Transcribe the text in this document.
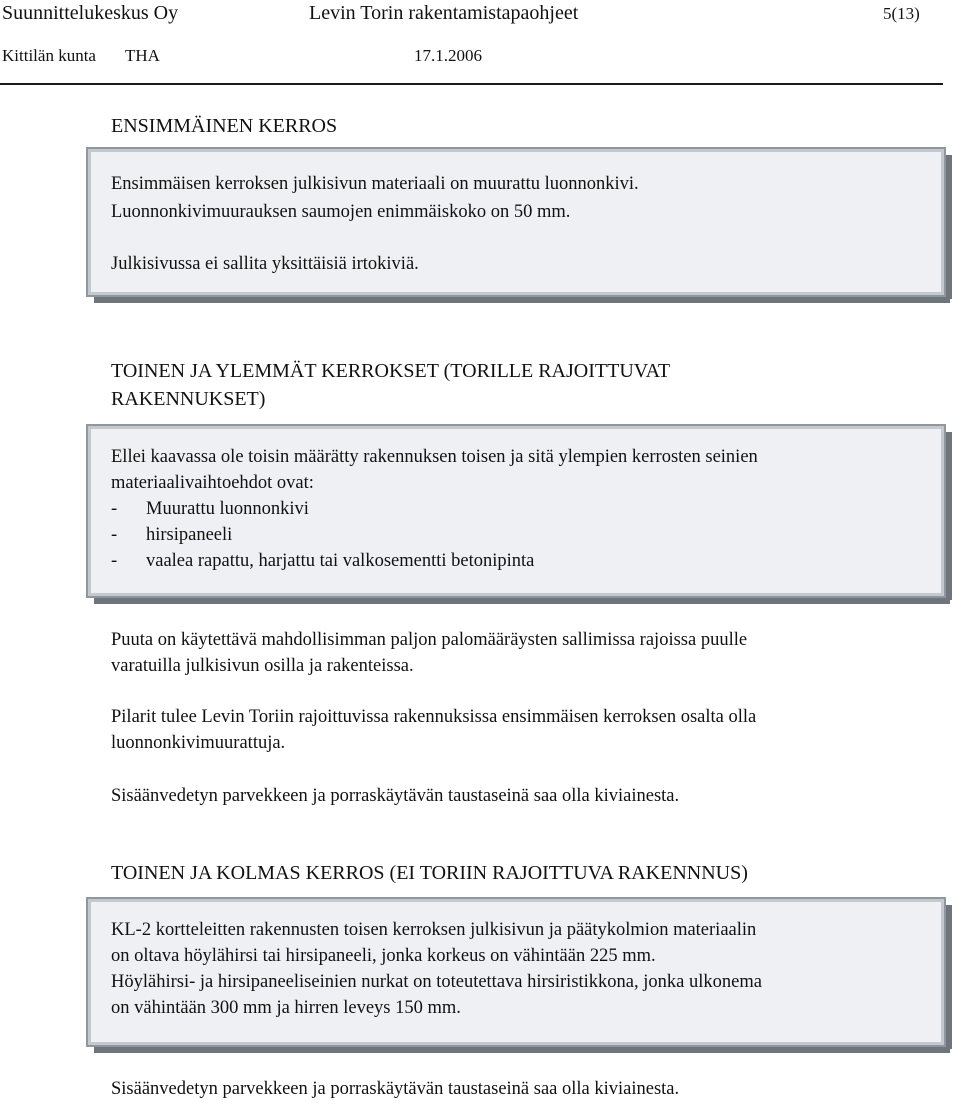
Suunnittelukeskus Oy	Levin Torin rakentamistapaohjeet	5(13)
Kittilän kunta THA	17.1.2006
ENSIMMÄINEN KERROS
Ensimmäisen kerroksen julkisivun materiaali on muurattu luonnonkivi.
Luonnonkivimuurauksen saumojen enimmäiskoko on 50 mm.
Julkisivussa ei sallita yksittäisiä irtokiviä.
TOINEN JA YLEMMÄT KERROKSET (TORILLE RAJOITTUVAT
RAKENNUKSET)
Ellei kaavassa ole toisin määrätty rakennuksen toisen ja sitä ylempien kerrosten seinien
materiaalivaihtoehdot ovat:
- Muurattu luonnonkivi
- hirsipaneeli
- vaalea rapattu, harjattu tai valkosementti betonipinta
Puuta on käytettävä mahdollisimman paljon palomääräysten sallimissa rajoissa puulle
varatuilla julkisivun osilla ja rakenteissa.
Pilarit tulee Levin Toriin rajoittuvissa rakennuksissa ensimmäisen kerroksen osalta olla
luonnonkivimuurattuja.
Sisäänvedetyn parvekkeen ja porraskäytävän taustaseinä saa olla kiviainesta.
TOINEN JA KOLMAS KERROS (EI TORIIN RAJOITTUVA RAKENNNUS)
KL-2 kortteleitten rakennusten toisen kerroksen julkisivun ja päätykolmion materiaalin
on oltava höylähirsi tai hirsipaneeli, jonka korkeus on vähintään 225 mm.
Höylähirsi- ja hirsipaneeliseinien nurkat on toteutettava hirsiristikkona, jonka ulkonema
on vähintään 300 mm ja hirren leveys 150 mm.
Sisäänvedetyn parvekkeen ja porraskäytävän taustaseinä saa olla kiviainesta.
